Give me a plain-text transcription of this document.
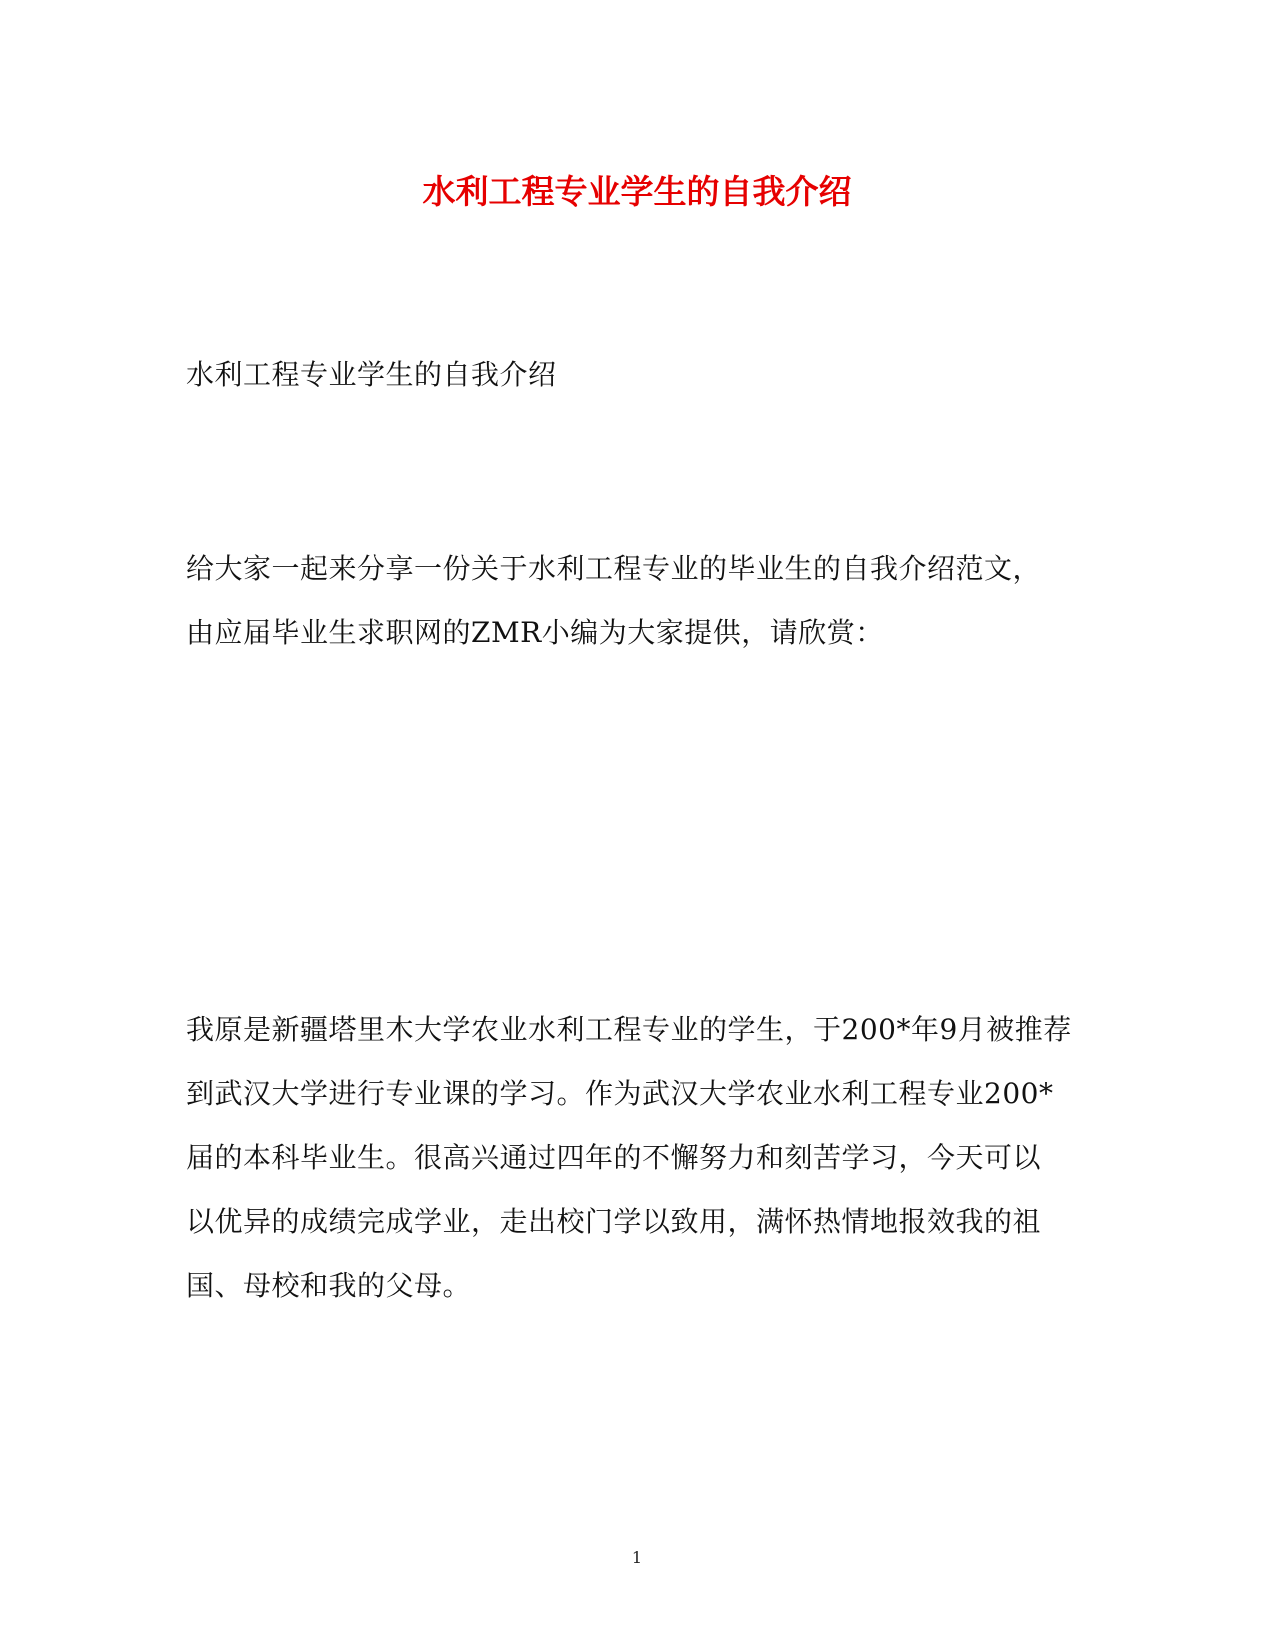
水利工程专业学生的自我介绍

水利工程专业学生的自我介绍

给大家一起来分享一份关于水利工程专业的毕业生的自我介绍范文，
由应届毕业生求职网的ZMR小编为大家提供，请欣赏：

我原是新疆塔里木大学农业水利工程专业的学生，于200*年9月被推荐
到武汉大学进行专业课的学习。作为武汉大学农业水利工程专业200*
届的本科毕业生。很高兴通过四年的不懈努力和刻苦学习，今天可以
以优异的成绩完成学业，走出校门学以致用，满怀热情地报效我的祖
国、母校和我的父母。

1
